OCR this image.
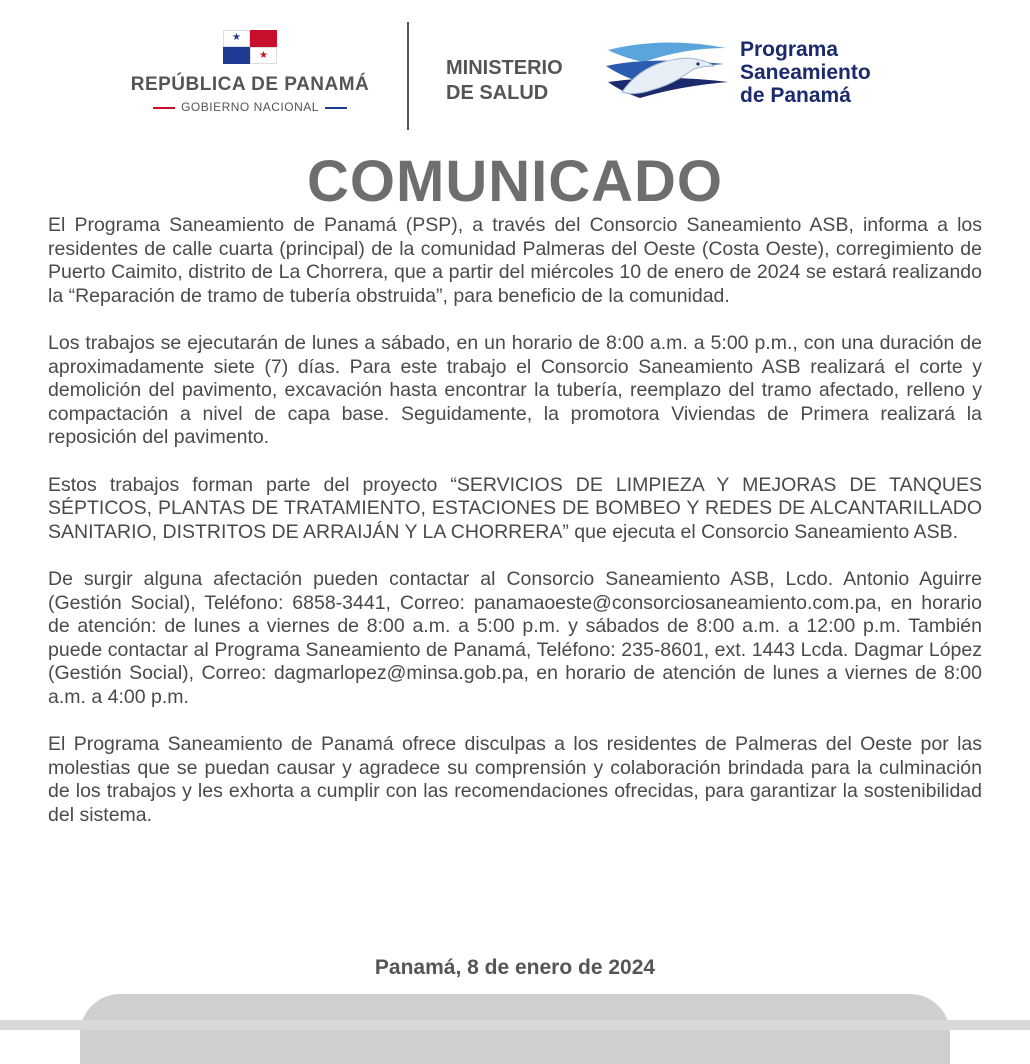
★
★
REPÚBLICA DE PANAMÁ
GOBIERNO NACIONAL
MINISTERIO
DE SALUD
Programa
Saneamiento
de Panamá
COMUNICADO

El Programa Saneamiento de Panamá (PSP), a través del Consorcio Saneamiento ASB, informa a los residentes de calle cuarta (principal) de la comunidad Palmeras del Oeste (Costa Oeste), corregimiento de Puerto Caimito, distrito de La Chorrera, que a partir del miércoles 10 de enero de 2024 se estará realizando la “Reparación de tramo de tubería obstruida”, para beneficio de la comunidad.

Los trabajos se ejecutarán de lunes a sábado, en un horario de 8:00 a.m. a 5:00 p.m., con una duración de aproximadamente siete (7) días. Para este trabajo el Consorcio Saneamiento ASB realizará el corte y demolición del pavimento, excavación hasta encontrar la tubería, reemplazo del tramo afectado, relleno y compactación a nivel de capa base. Seguidamente, la promotora Viviendas de Primera realizará la reposición del pavimento.

Estos trabajos forman parte del proyecto “SERVICIOS DE LIMPIEZA Y MEJORAS DE TANQUES SÉPTICOS, PLANTAS DE TRATAMIENTO, ESTACIONES DE BOMBEO Y REDES DE ALCANTARILLADO SANITARIO, DISTRITOS DE ARRAIJÁN Y LA CHORRERA” que ejecuta el Consorcio Saneamiento ASB.

De surgir alguna afectación pueden contactar al Consorcio Saneamiento ASB, Lcdo. Antonio Aguirre (Gestión Social), Teléfono: 6858-3441, Correo: panamaoeste@consorciosaneamiento.com.pa, en horario de atención: de lunes a viernes de 8:00 a.m. a 5:00 p.m. y sábados de 8:00 a.m. a 12:00 p.m. También puede contactar al Programa Saneamiento de Panamá, Teléfono: 235-8601, ext. 1443 Lcda. Dagmar López (Gestión Social), Correo: dagmarlopez@minsa.gob.pa, en horario de atención de lunes a viernes de 8:00 a.m. a 4:00 p.m.

El Programa Saneamiento de Panamá ofrece disculpas a los residentes de Palmeras del Oeste por las molestias que se puedan causar y agradece su comprensión y colaboración brindada para la culminación de los trabajos y les exhorta a cumplir con las recomendaciones ofrecidas, para garantizar la sostenibilidad del sistema.

Panamá, 8 de enero de 2024
